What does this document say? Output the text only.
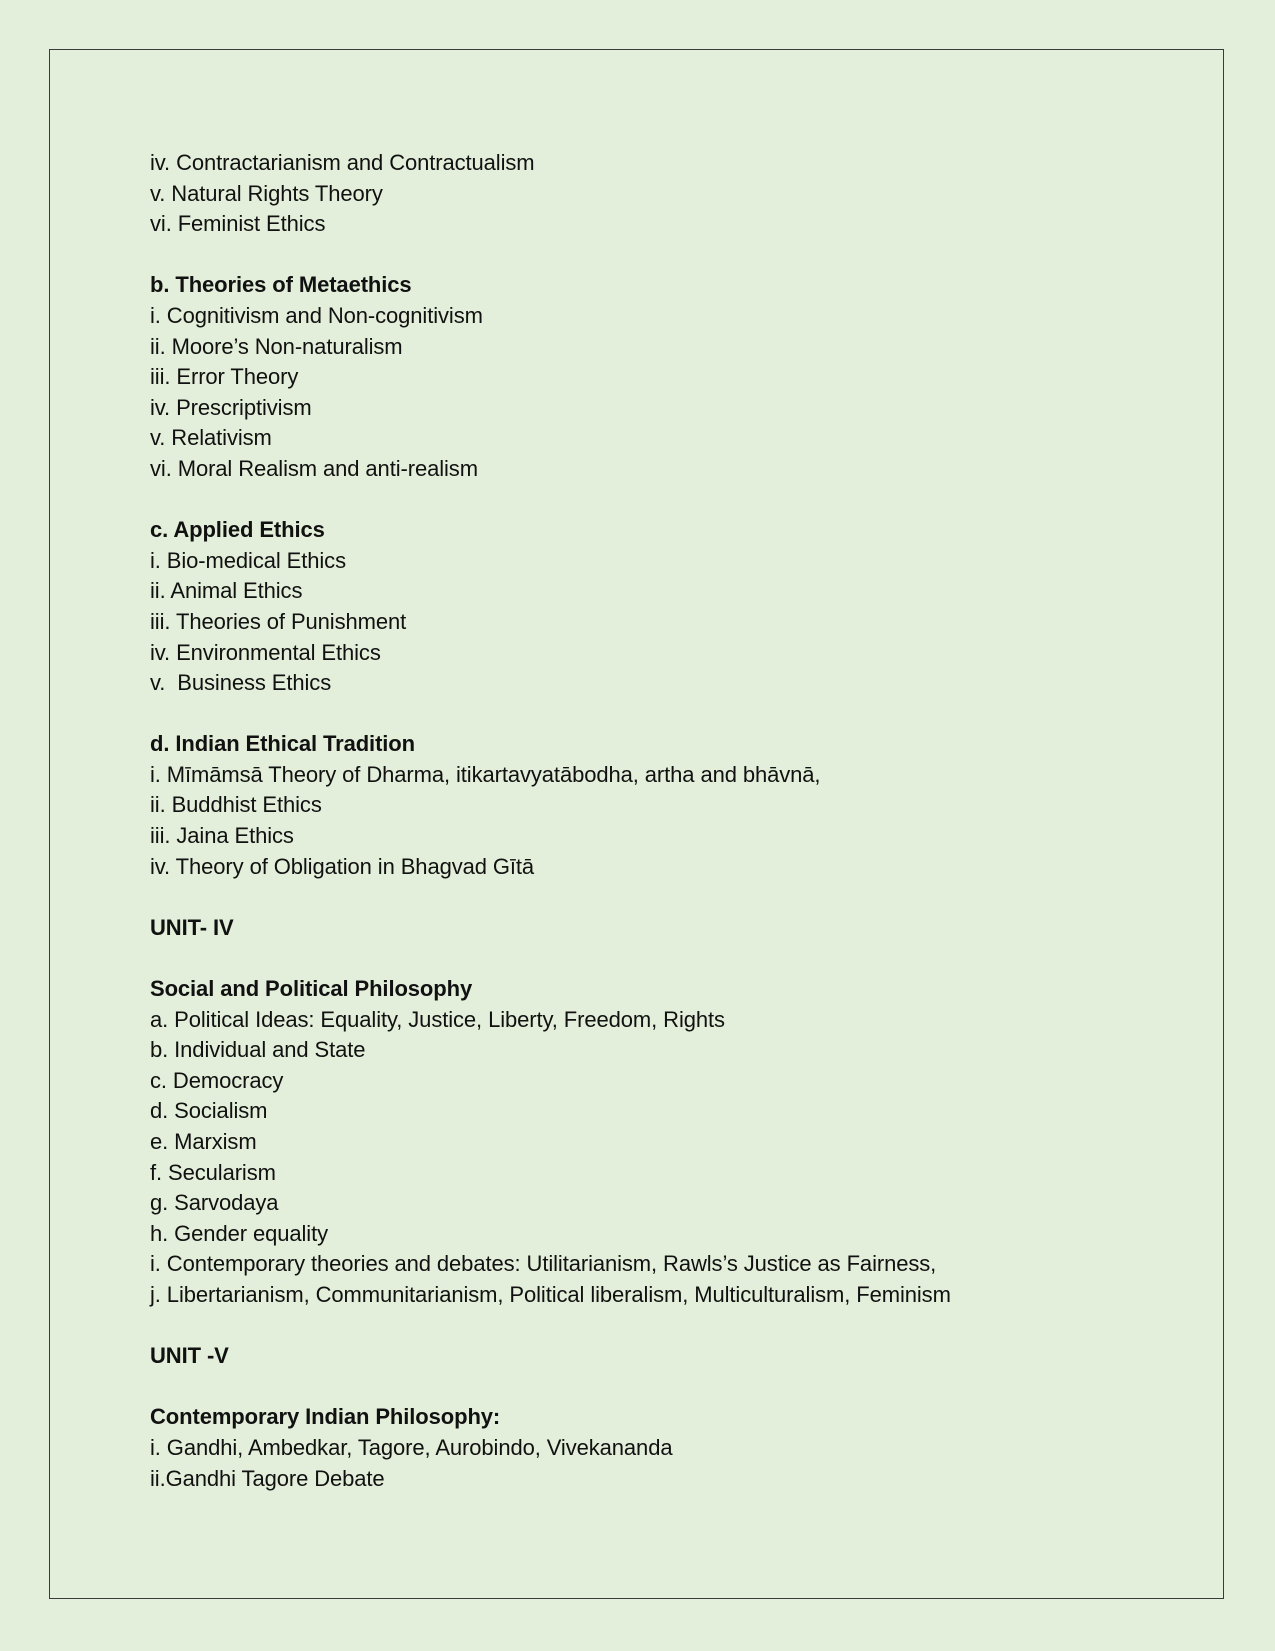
iv. Contractarianism and Contractualism
v. Natural Rights Theory
vi. Feminist Ethics
b. Theories of Metaethics
i. Cognitivism and Non-cognitivism
ii. Moore’s Non-naturalism
iii. Error Theory
iv. Prescriptivism
v. Relativism
vi. Moral Realism and anti-realism
c. Applied Ethics
i. Bio-medical Ethics
ii. Animal Ethics
iii. Theories of Punishment
iv. Environmental Ethics
v.  Business Ethics
d. Indian Ethical Tradition
i. Mīmāmsā Theory of Dharma, itikartavyatābodha, artha and bhāvnā,
ii. Buddhist Ethics
iii. Jaina Ethics
iv. Theory of Obligation in Bhagvad Gītā
UNIT- IV
Social and Political Philosophy
a. Political Ideas: Equality, Justice, Liberty, Freedom, Rights
b. Individual and State
c. Democracy
d. Socialism
e. Marxism
f. Secularism
g. Sarvodaya
h. Gender equality
i. Contemporary theories and debates: Utilitarianism, Rawls’s Justice as Fairness,
j. Libertarianism, Communitarianism, Political liberalism, Multiculturalism, Feminism
UNIT -V
Contemporary Indian Philosophy:
i. Gandhi, Ambedkar, Tagore, Aurobindo, Vivekananda
ii.Gandhi Tagore Debate
